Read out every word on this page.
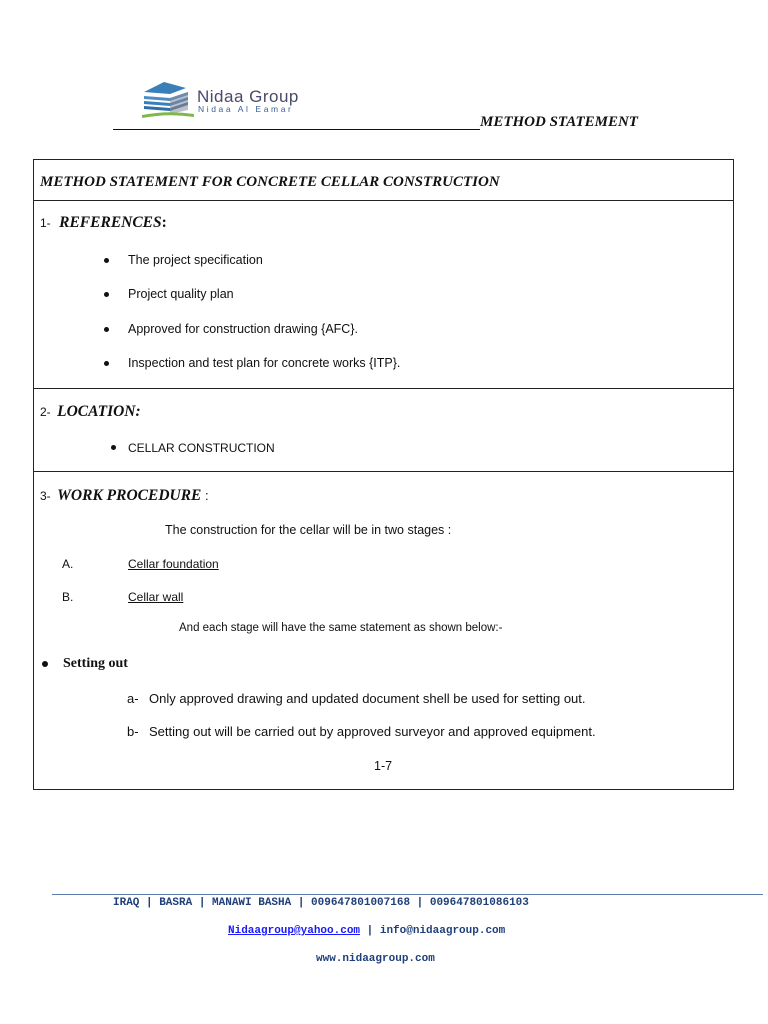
Nidaa Group
Nidaa Al Eamar
METHOD STATEMENT
METHOD STATEMENT FOR CONCRETE CELLAR CONSTRUCTION
1- REFERENCES:
The project specification
Project quality plan
Approved for construction drawing {AFC}.
Inspection and test plan for concrete works {ITP}.
2- LOCATION:
CELLAR CONSTRUCTION
3- WORK PROCEDURE :
The construction for the cellar will be in two stages :
A.	Cellar foundation
B.	Cellar wall
And each stage will have the same statement as shown below:-
Setting out
a- Only approved drawing and updated document shell be used for setting out.
b- Setting out will be carried out by approved surveyor and approved equipment.
1-7
IRAQ | BASRA | MANAWI BASHA | 009647801007168 | 009647801086103
Nidaagroup@yahoo.com | info@nidaagroup.com
www.nidaagroup.com
